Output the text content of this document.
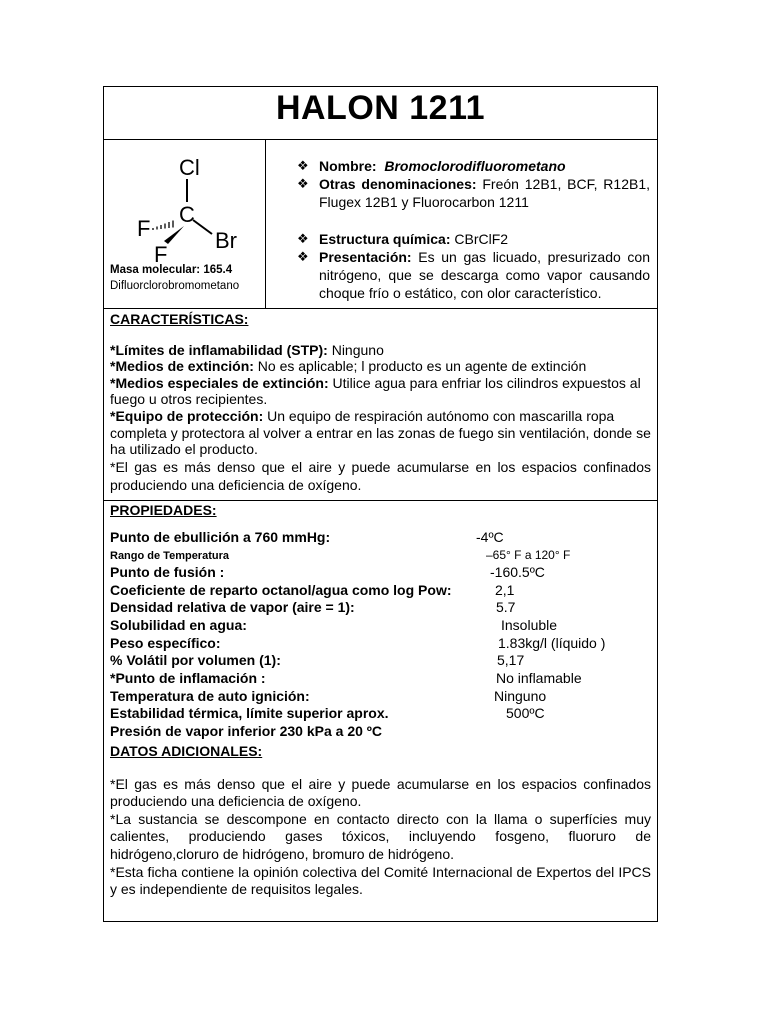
HALON 1211
Cl
C
F	Br
F
Masa molecular: 165.4
Difluorclorobromometano
❖ Nombre: Bromoclorodifluorometano
❖ Otras denominaciones: Freón 12B1, BCF, R12B1, Flugex 12B1 y Fluorocarbon 1211
❖ Estructura química: CBrClF2
❖ Presentación: Es un gas licuado, presurizado con nitrógeno, que se descarga como vapor causando choque frío o estático, con olor característico.
CARACTERÍSTICAS:
*Límites de inflamabilidad (STP): Ninguno
*Medios de extinción: No es aplicable; l producto es un agente de extinción
*Medios especiales de extinción: Utilice agua para enfriar los cilindros expuestos al fuego u otros recipientes.
*Equipo de protección: Un equipo de respiración autónomo con mascarilla ropa completa y protectora al volver a entrar en las zonas de fuego sin ventilación, donde se ha utilizado el producto.
*El gas es más denso que el aire y puede acumularse en los espacios confinados produciendo una deficiencia de oxígeno.
PROPIEDADES:
Punto de ebullición a 760 mmHg:	-4ºC
Rango de Temperatura	–65° F a 120° F
Punto de fusión :	-160.5ºC
Coeficiente de reparto octanol/agua como log Pow:	2,1
Densidad relativa de vapor (aire = 1):	5.7
Solubilidad en agua:	Insoluble
Peso específico:	1.83kg/l (líquido )
% Volátil por volumen (1):	5,17
*Punto de inflamación :	No inflamable
Temperatura de auto ignición:	Ninguno
Estabilidad térmica, límite superior aprox.	500ºC
Presión de vapor inferior 230 kPa a 20 ºC
DATOS ADICIONALES:
*El gas es más denso que el aire y puede acumularse en los espacios confinados produciendo una deficiencia de oxígeno.
*La sustancia se descompone en contacto directo con la llama o superfícies muy calientes, produciendo gases tóxicos, incluyendo fosgeno, fluoruro de hidrógeno,cloruro de hidrógeno, bromuro de hidrógeno.
*Esta ficha contiene la opinión colectiva del Comité Internacional de Expertos del IPCS y es independiente de requisitos legales.
